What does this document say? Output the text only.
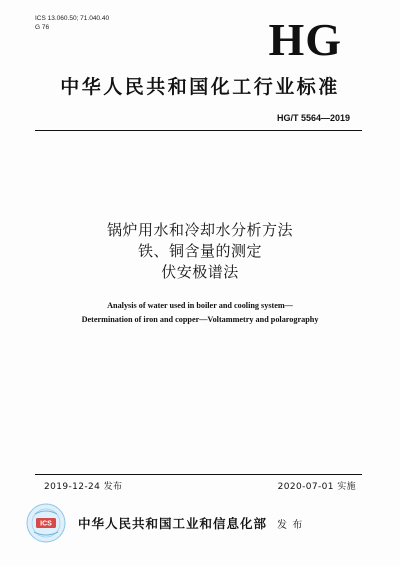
ICS 13.060.50; 71.040.40
G 76	HG
中华人民共和国化工行业标准
HG/T 5564—2019
锅炉用水和冷却水分析方法
铁、铜含量的测定
伏安极谱法
Analysis of water used in boiler and cooling system—
Determination of iron and copper—Voltammetry and polarography
2019-12-24 发布	2020-07-01 实施
ICS 中华人民共和国工业和信息化部 发 布
